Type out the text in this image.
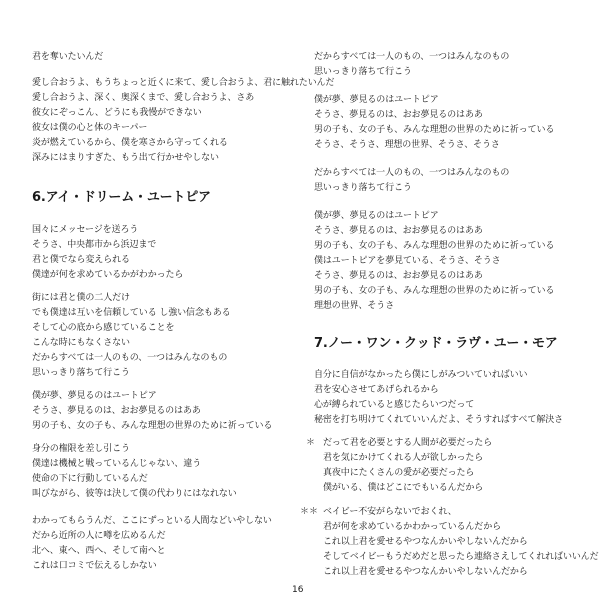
君を奪いたいんだ
愛し合おうよ、もうちょっと近くに来て、愛し合おうよ、君に触れたいんだ
愛し合おうよ、深く、奥深くまで、愛し合おうよ、さあ
彼女にぞっこん、どうにも我慢ができない
彼女は僕の心と体のキーパー
炎が燃えているから、僕を寒さから守ってくれる
深みにはまりすぎた、もう出て行かせやしない
6.アイ・ドリーム・ユートピア
国々にメッセージを送ろう
そうさ、中央都市から浜辺まで
君と僕でなら変えられる
僕達が何を求めているかがわかったら
街には君と僕の二人だけ
でも僕達は互いを信頼している し強い信念もある
そして心の底から感じていることを
こんな時にもなくさない
だからすべては一人のもの、一つはみんなのもの
思いっきり落ちて行こう
僕が夢、夢見るのはユートピア
そうさ、夢見るのは、おお夢見るのはああ
男の子も、女の子も、みんな理想の世界のために祈っている
身分の権限を差し引こう
僕達は機械と戦っているんじゃない、違う
使命の下に行動しているんだ
叫びながら、彼等は決して僕の代わりにはなれない
わかってもらうんだ、ここにずっといる人間などいやしない
だから近所の人に噂を広めるんだ
北へ、東へ、西へ、そして南へと
これは口コミで伝えるしかない
だからすべては一人のもの、一つはみんなのもの
思いっきり落ちて行こう
僕が夢、夢見るのはユートピア
そうさ、夢見るのは、おお夢見るのはああ
男の子も、女の子も、みんな理想の世界のために祈っている
そうさ、そうさ、理想の世界、そうさ、そうさ
だからすべては一人のもの、一つはみんなのもの
思いっきり落ちて行こう
僕が夢、夢見るのはユートピア
そうさ、夢見るのは、おお夢見るのはああ
男の子も、女の子も、みんな理想の世界のために祈っている
僕はユートピアを夢見ている、そうさ、そうさ
そうさ、夢見るのは、おお夢見るのはああ
男の子も、女の子も、みんな理想の世界のために祈っている
理想の世界、そうさ
7.ノー・ワン・クッド・ラヴ・ユー・モア
自分に自信がなかったら僕にしがみついていればいい
君を安心させてあげられるから
心が縛られていると感じたらいつだって
秘密を打ち明けてくれていいんだよ、そうすればすべて解決さ
＊ だって君を必要とする人間が必要だったら
君を気にかけてくれる人が欲しかったら
真夜中にたくさんの愛が必要だったら
僕がいる、僕はどこにでもいるんだから
＊＊ ベイビー不安がらないでおくれ、
君が何を求めているかわかっているんだから
これ以上君を愛せるやつなんかいやしないんだから
そしてベイビーもうだめだと思ったら連絡さえしてくれればいいんだ
これ以上君を愛せるやつなんかいやしないんだから
16
